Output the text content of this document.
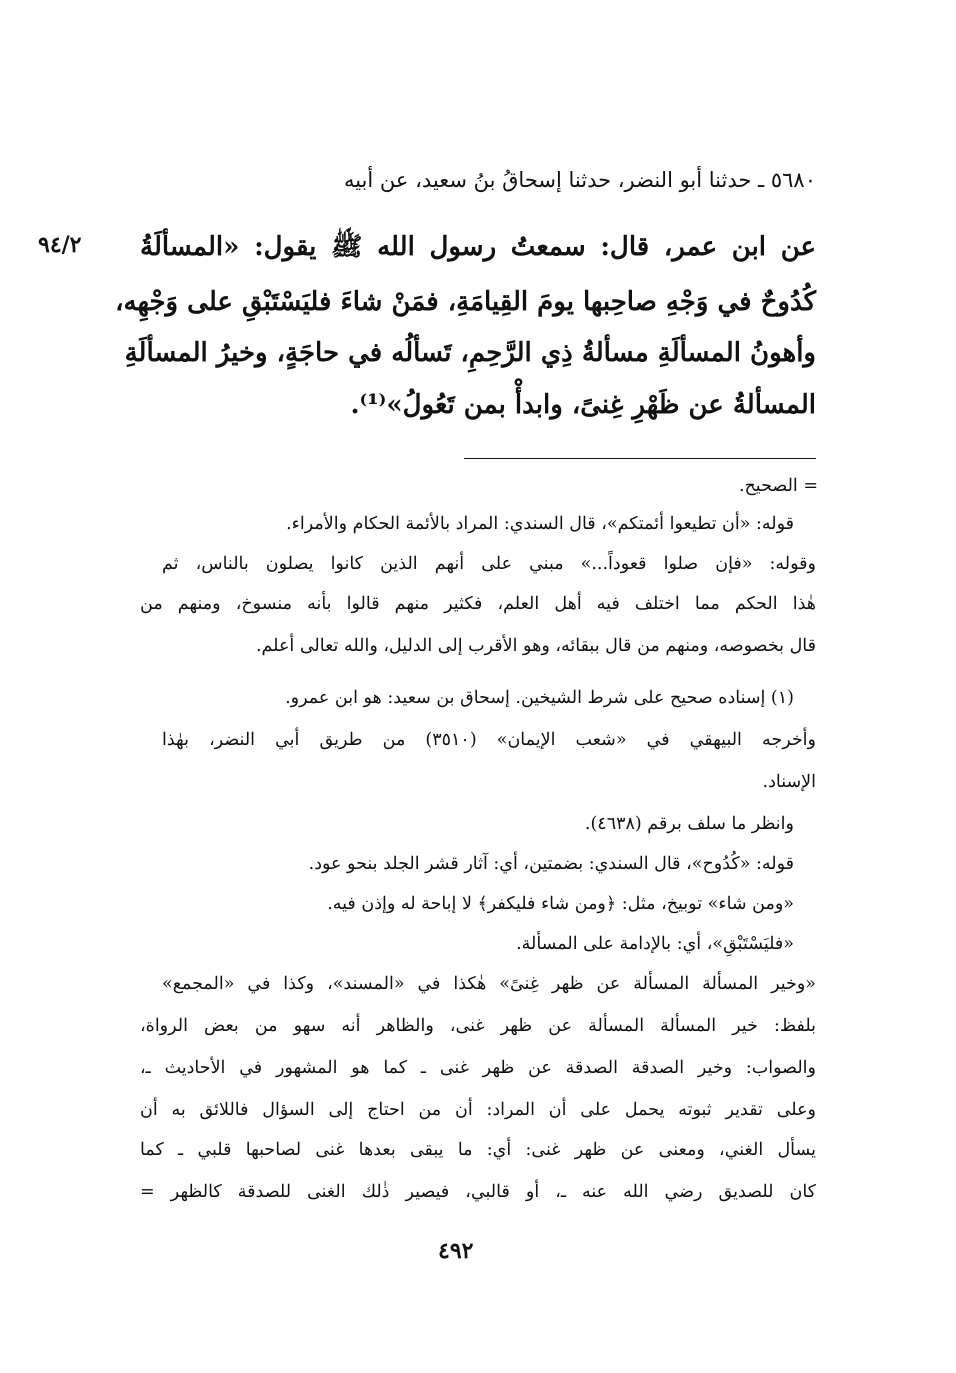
٥٦٨٠ ـ حدثنا أبو النضر، حدثنا إسحاقُ بنُ سعيد، عن أبيه
عن ابن عمر، قال: سمعتُ رسول الله ﷺ يقول: «المسألَةُ
كُدُوحٌ في وَجْهِ صاحِبها يومَ القِيامَةِ، فمَنْ شاءَ فليَسْتَبْقِ على وَجْهِه،
وأهونُ المسألَةِ مسألةُ ذِي الرَّحِمِ، تَسألُه في حاجَةٍ، وخيرُ المسألَةِ
المسألةُ عن ظَهْرِ غِنىً، وابدأْ بمن تَعُولُ»⁽¹⁾.
٩٤/٢
= الصحيح.
قوله: «أن تطيعوا أئمتكم»، قال السندي: المراد بالأئمة الحكام والأمراء.
وقوله: «فإن صلوا قعوداً...» مبني على أنهم الذين كانوا يصلون بالناس، ثم
هٰذا الحكم مما اختلف فيه أهل العلم، فكثير منهم قالوا بأنه منسوخ، ومنهم من
قال بخصوصه، ومنهم من قال ببقائه، وهو الأقرب إلى الدليل، والله تعالى أعلم.
(١) إسناده صحيح على شرط الشيخين. إسحاق بن سعيد: هو ابن عمرو.
وأخرجه البيهقي في «شعب الإيمان» (٣٥١٠) من طريق أبي النضر، بهٰذا
الإسناد.
وانظر ما سلف برقم (٤٦٣٨).
قوله: «كُدُوح»، قال السندي: بضمتين، أي: آثار قشر الجلد بنحو عود.
«ومن شاء» توبيخ، مثل: ﴿ومن شاء فليكفر﴾ لا إباحة له وإذن فيه.
«فليَسْتَبْقِ»، أي: بالإدامة على المسألة.
«وخير المسألة المسألة عن ظهر غِنىً» هٰكذا في «المسند»، وكذا في «المجمع»
بلفظ: خير المسألة المسألة عن ظهر غنى، والظاهر أنه سهو من بعض الرواة،
والصواب: وخير الصدقة الصدقة عن ظهر غنى ـ كما هو المشهور في الأحاديث ـ،
وعلى تقدير ثبوته يحمل على أن المراد: أن من احتاج إلى السؤال فاللائق به أن
يسأل الغني، ومعنى عن ظهر غنى: أي: ما يبقى بعدها غنى لصاحبها قلبي ـ كما
كان للصديق رضي الله عنه ـ، أو قالبي، فيصير ذٰلك الغنى للصدقة كالظهر =
٤٩٢
